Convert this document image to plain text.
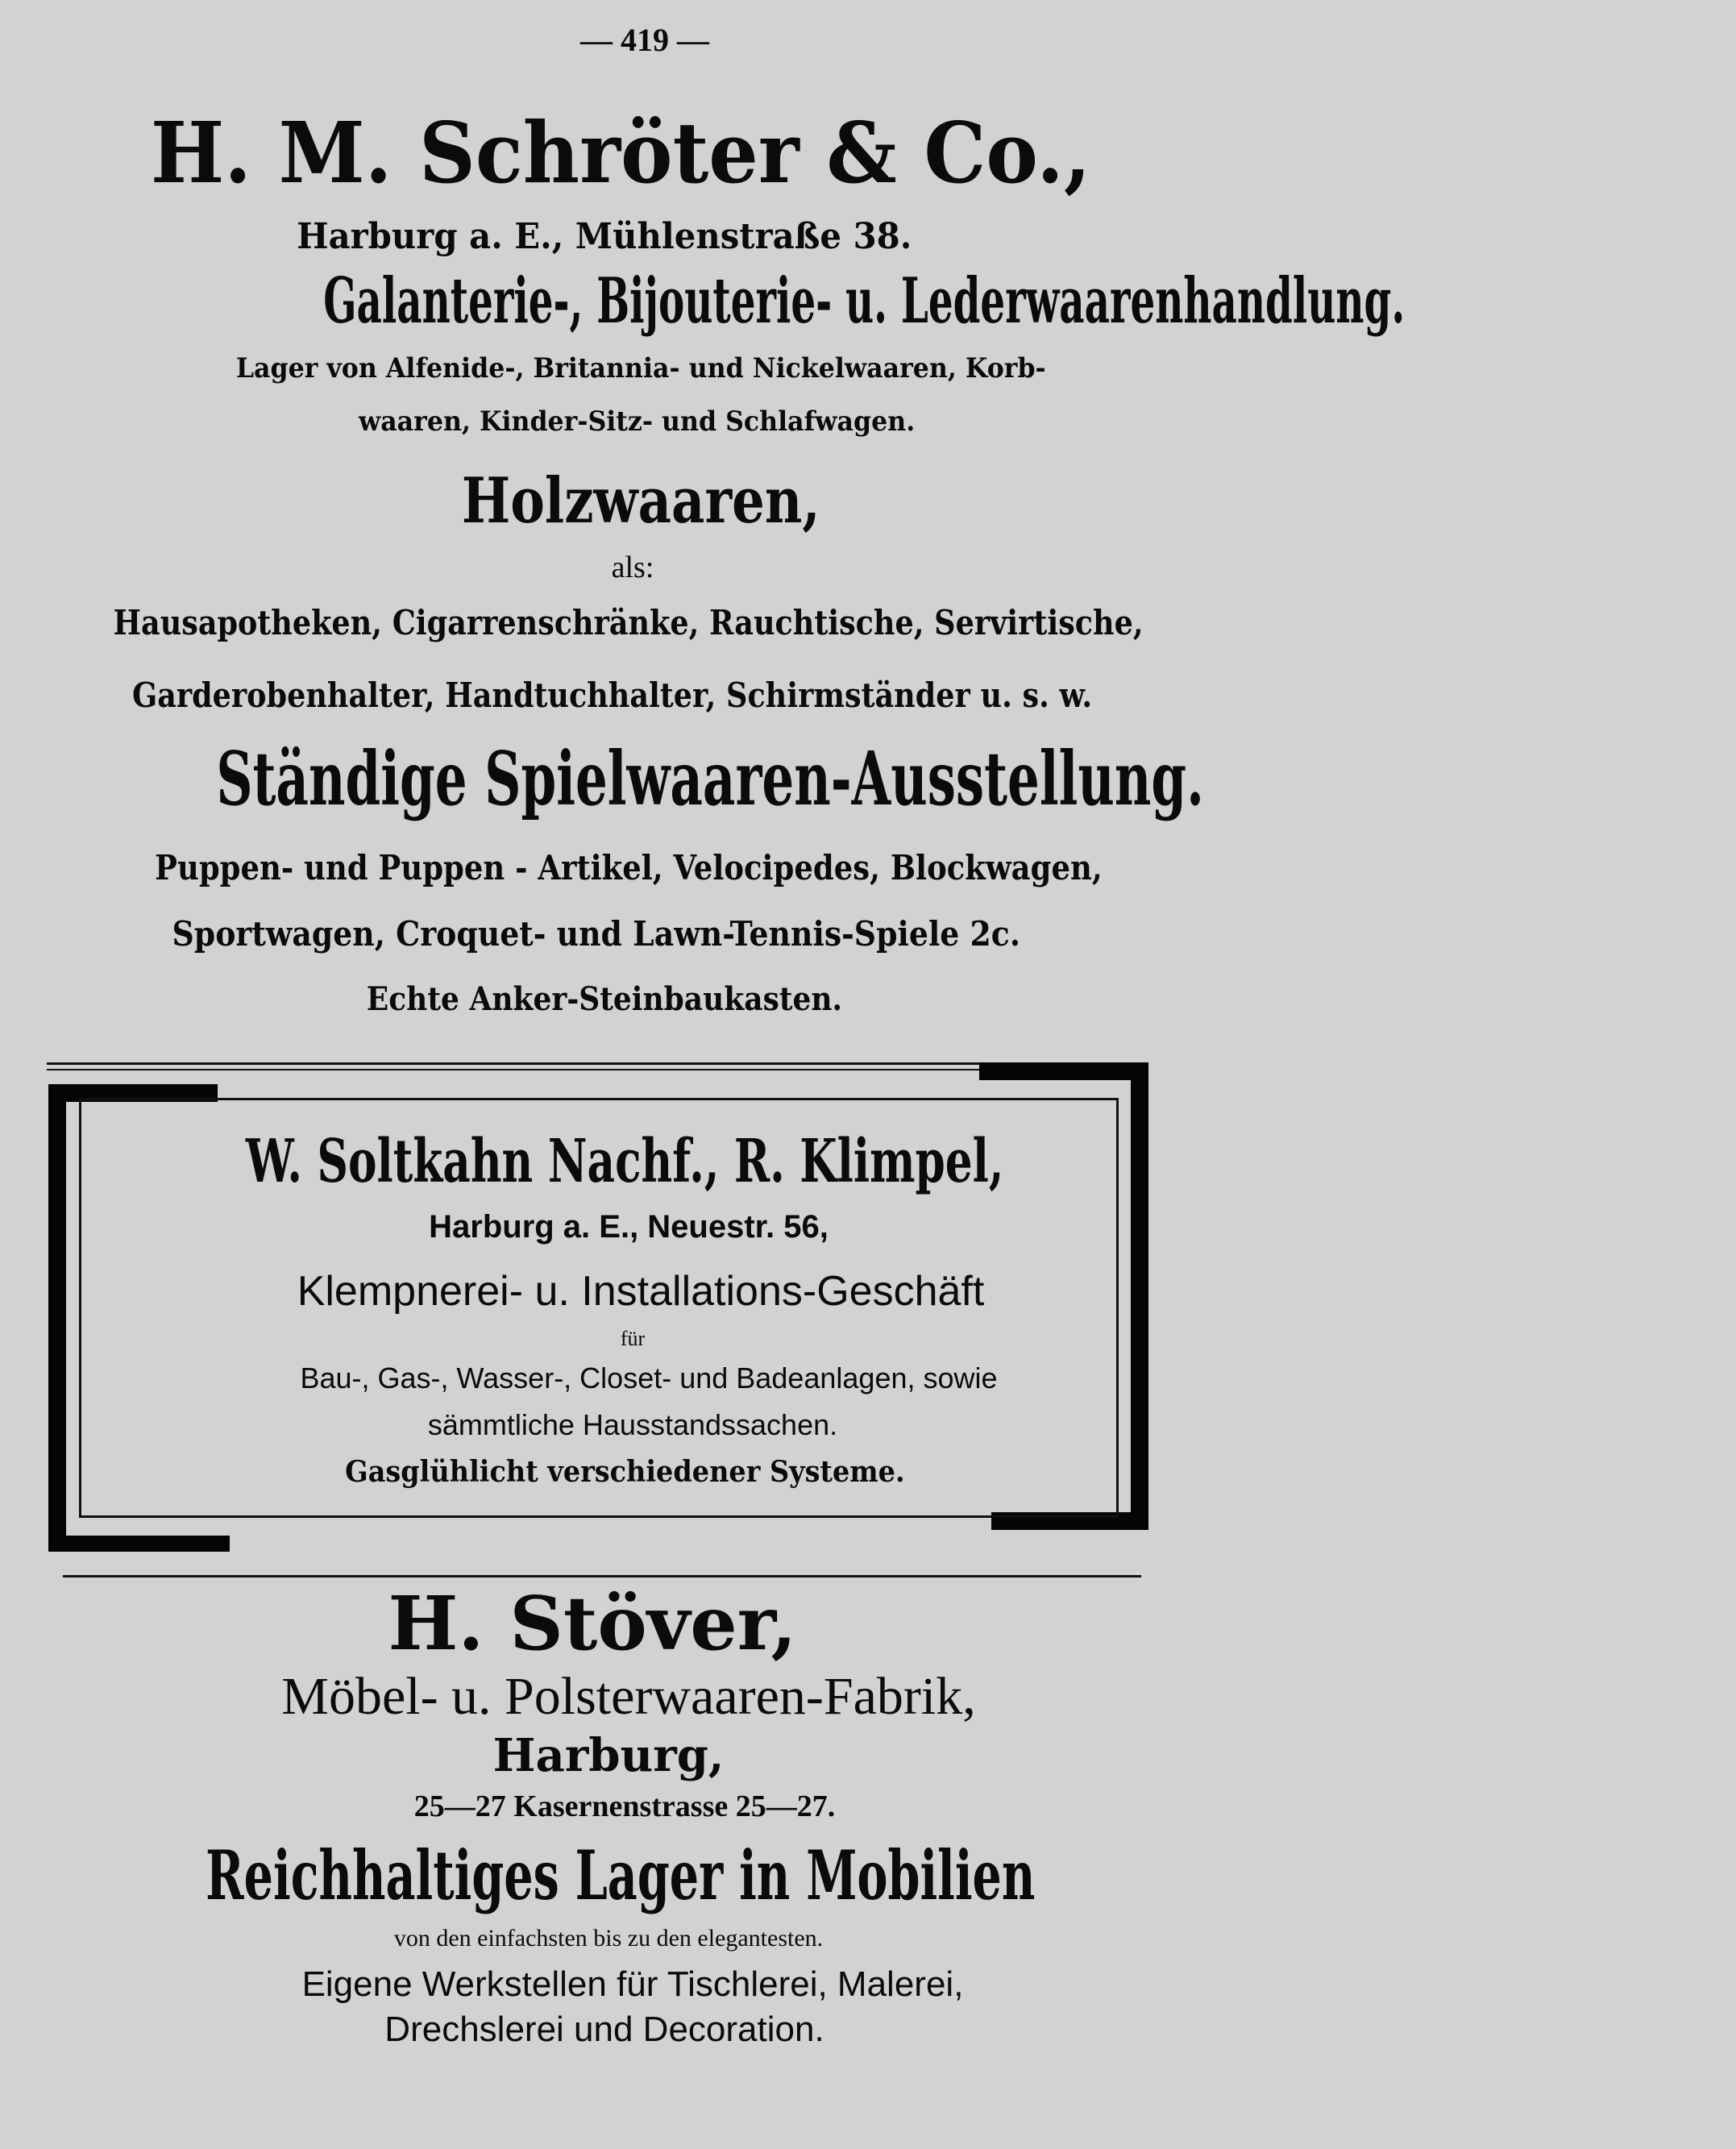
— 419 —
H. M. Schröter & Co.,
Harburg a. E., Mühlenstraße 38.
Galanterie-, Bijouterie- u. Lederwaarenhandlung.
Lager von Alfenide-, Britannia- und Nickelwaaren, Korb-
waaren, Kinder-Sitz- und Schlafwagen.
Holzwaaren,
als:
Hausapotheken, Cigarrenschränke, Rauchtische, Servirtische,
Garderobenhalter, Handtuchhalter, Schirmständer u. s. w.
Ständige Spielwaaren-Ausstellung.
Puppen- und Puppen - Artikel, Velocipedes, Blockwagen,
Sportwagen, Croquet- und Lawn-Tennis-Spiele 2c.
Echte Anker-Steinbaukasten.
W. Soltkahn Nachf., R. Klimpel,
Harburg a. E., Neuestr. 56,
Klempnerei- u. Installations-Geschäft
für
Bau-, Gas-, Wasser-, Closet- und Badeanlagen, sowie
sämmtliche Hausstandssachen.
Gasglühlicht verschiedener Systeme.
H. Stöver,
Möbel- u. Polsterwaaren-Fabrik,
Harburg,
25—27 Kasernenstrasse 25—27.
Reichhaltiges Lager in Mobilien
von den einfachsten bis zu den elegantesten.
Eigene Werkstellen für Tischlerei, Malerei,
Drechslerei und Decoration.
